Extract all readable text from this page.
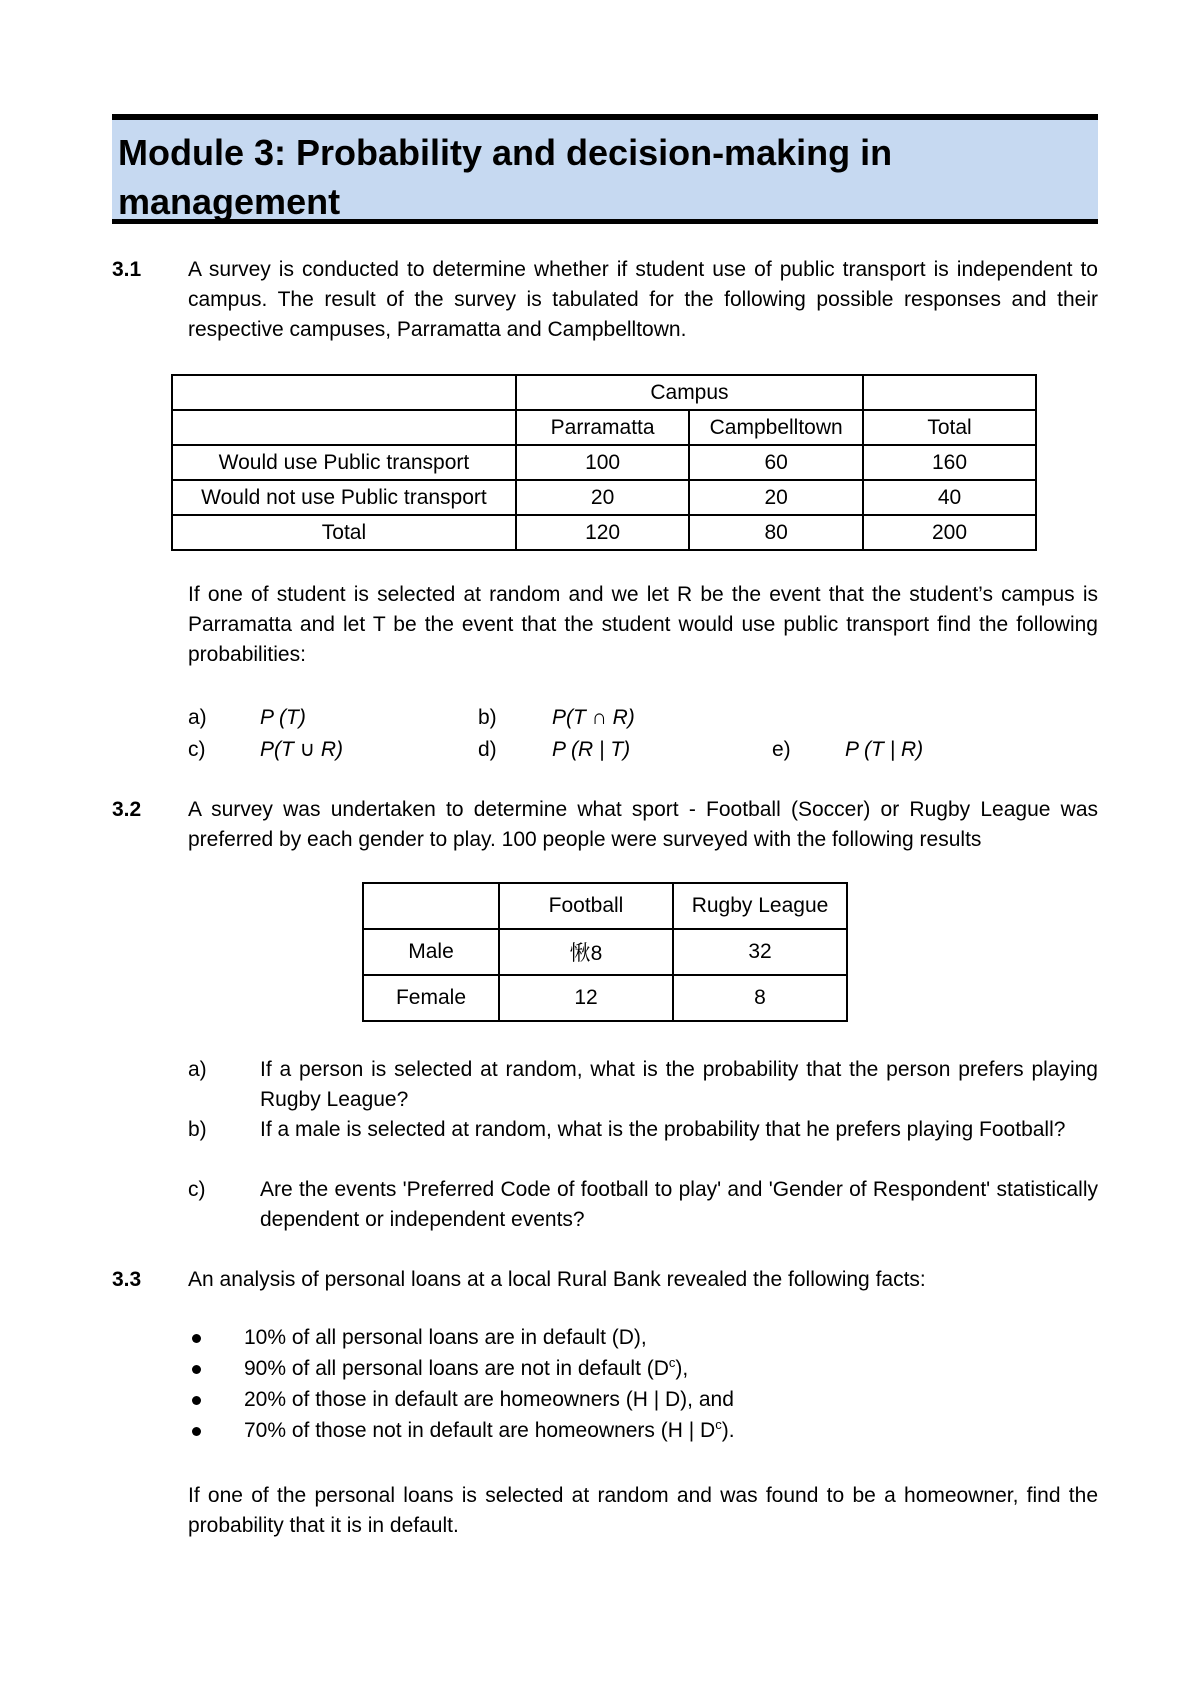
Module 3: Probability and decision-making in management
3.1 A survey is conducted to determine whether if student use of public transport is independent to campus. The result of the survey is tabulated for the following possible responses and their respective campuses, Parramatta and Campbelltown.
	Campus		
	Parramatta	Campbelltown	Total
Would use Public transport	100	60	160
Would not use Public transport	20	20	40
Total	120	80	200
If one of student is selected at random and we let R be the event that the student’s campus is Parramatta and let T be the event that the student would use public transport find the following probabilities:
a)	P (T)	b)	P(T ∩ R)
c)	P(T ∪ R)	d)	P (R | T)	e)	P (T | R)
3.2 A survey was undertaken to determine what sport - Football (Soccer) or Rugby League was preferred by each gender to play. 100 people were surveyed with the following results
	Football	Rugby League
Male	愀8	32
Female	12	8
a)	If a person is selected at random, what is the probability that the person prefers playing Rugby League?
b)	If a male is selected at random, what is the probability that he prefers playing Football?
c)	Are the events 'Preferred Code of football to play' and 'Gender of Respondent' statistically dependent or independent events?
3.3 An analysis of personal loans at a local Rural Bank revealed the following facts:
10% of all personal loans are in default (D),
90% of all personal loans are not in default $(D^c)$,
20% of those in default are homeowners (H | D), and
70% of those not in default are homeowners (H | $D^c$).
If one of the personal loans is selected at random and was found to be a homeowner, find the probability that it is in default.
